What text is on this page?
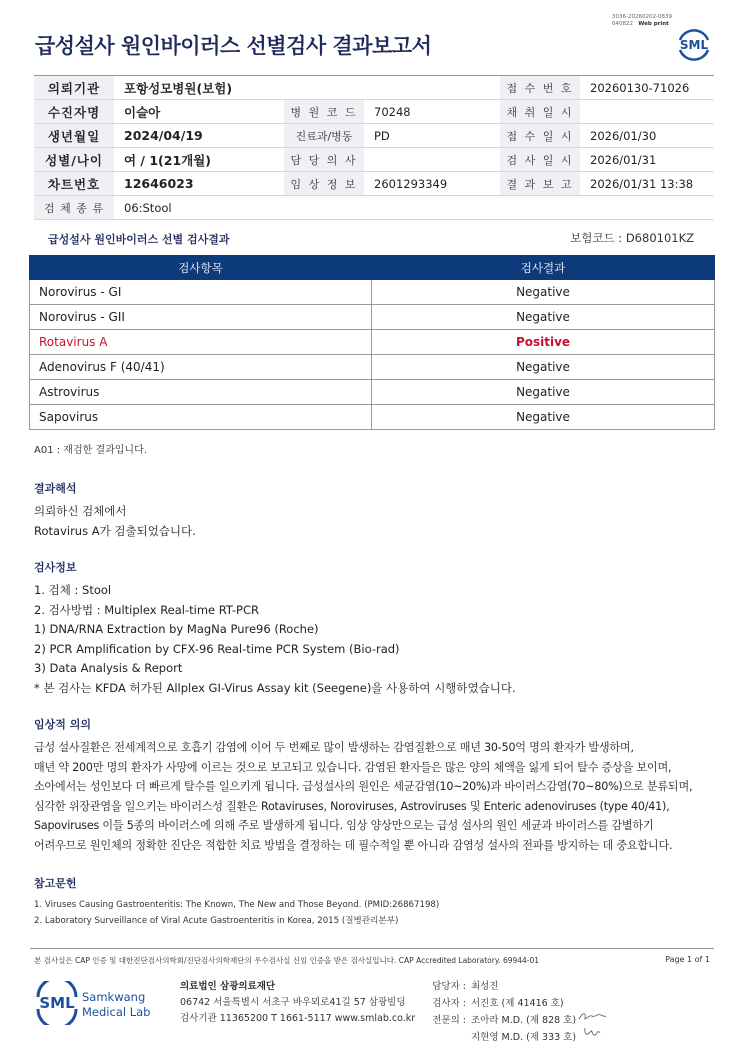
3036-20260202-0839
040822 Web print
급성설사 원인바이러스 선별검사 결과보고서	SML
의뢰기관	포항성모병원(보험)			접 수 번 호	20260130-71026
수진자명	이슬아	병 원 코 드	70248	채 취 일 시	
생년월일	2024/04/19	진료과/병동	PD	접 수 일 시	2026/01/30
성별/나이	여 / 1(21개월)	담 당 의 사		검 사 일 시	2026/01/31
차트번호	12646023	임 상 정 보	2601293349	결 과 보 고	2026/01/31 13:38
검 체 종 류	06:Stool				
급성설사 원인바이러스 선별 검사결과	보험코드 : D680101KZ
검사항목	검사결과
Norovirus - GI	Negative
Norovirus - GII	Negative
Rotavirus A	Positive
Adenovirus F (40/41)	Negative
Astrovirus	Negative
Sapovirus	Negative
A01 : 재검한 결과입니다.
결과해석

의뢰하신 검체에서

Rotavirus A가 검출되었습니다.

검사정보

1. 검체 : Stool

2. 검사방법 : Multiplex Real-time RT-PCR

1) DNA/RNA Extraction by MagNa Pure96 (Roche)

2) PCR Amplification by CFX-96 Real-time PCR System (Bio-rad)

3) Data Analysis & Report

* 본 검사는 KFDA 허가된 Allplex GI-Virus Assay kit (Seegene)을 사용하여 시행하였습니다.

임상적 의의

급성 설사질환은 전세계적으로 호흡기 감염에 이어 두 번째로 많이 발생하는 감염질환으로 매년 30-50억 명의 환자가 발생하며,

매년 약 200만 명의 환자가 사망에 이르는 것으로 보고되고 있습니다. 감염된 환자들은 많은 양의 체액을 잃게 되어 탈수 증상을 보이며,

소아에서는 성인보다 더 빠르게 탈수를 일으키게 됩니다. 급성설사의 원인은 세균감염(10~20%)과 바이러스감염(70~80%)으로 분류되며,

심각한 위장관염을 일으키는 바이러스성 질환은 Rotaviruses, Noroviruses, Astroviruses 및 Enteric adenoviruses (type 40/41),

Sapoviruses 이들 5종의 바이러스에 의해 주로 발생하게 됩니다. 임상 양상만으로는 급성 설사의 원인 세균과 바이러스를 감별하기

어려우므로 원인체의 정확한 진단은 적합한 치료 방법을 결정하는 데 필수적일 뿐 아니라 감염성 설사의 전파를 방지하는 데 중요합니다.

참고문헌

1. Viruses Causing Gastroenteritis: The Known, The New and Those Beyond. (PMID:26867198)

2. Laboratory Surveillance of Viral Acute Gastroenteritis in Korea, 2015 (질병관리본부)

본 검사실은 CAP 인증 및 대한진단검사의학회/진단검사의학재단의 우수검사실 신임 인증을 받은 검사실입니다. CAP Accredited Laboratory. 69944-01	Page 1 of 1
SML Samkwang
Medical Lab
의료법인 삼광의료재단
06742 서울특별시 서초구 바우뫼로41길 57 삼광빌딩
검사기관 11365200 T 1661-5117 www.smlab.co.kr
담당자 : 최성진
검사자 : 서진호 (제 41416 호)
전문의 : 조아라 M.D. (제 828 호)
지현영 M.D. (제 333 호)
